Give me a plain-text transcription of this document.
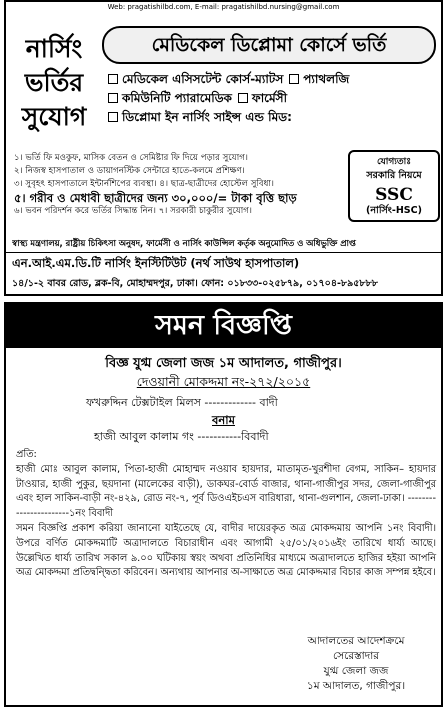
Web: pragatishilbd.com, E-mail: pragatishilbd.nursing@gmail.com
নার্সিং
ভর্তির
সুযোগ
মেডিকেল ডিপ্লোমা কোর্সে ভর্তি
মেডিকেল এসিসটেন্ট কোর্স-ম্যাটস প্যাথলজি
কমিউনিটি প্যারামেডিক ফার্মেসী
ডিপ্লোমা ইন নার্সিং সাইন্স এন্ড মিড:
১। ভর্তি ফি মওকুফ, মাসিক বেতন ও সেমিষ্টার ফি দিয়ে পড়ার সুযোগ।
২। নিজস্ব হাসপাতাল ও ডায়াগনস্টিক সেন্টারে হাতে-কলমে প্রশিক্ষণ।
৩। সুবৃহৎ হাসপাতালে ইন্টার্নশিপের ব্যবস্থা। ৪। ছাত্র-ছাত্রীদের হোস্টেল সুবিধা।
৫। গরীব ও মেধাবী ছাত্রীদের জন্য ৩০,০০০/= টাকা বৃত্তি ছাড়
৬। ভবন পরিদর্শন করে ভর্তির সিদ্ধান্ত নিন। ৭। সরকারী চাকুরীর সুযোগ।
যোগ্যতাঃ
সরকারি নিয়মে
SSC
(নার্সিং-HSC)
স্বাস্থ্য মন্ত্রণালয়, রাষ্ট্রীয় চিকিৎসা অনুষদ, ফার্মেসী ও নার্সিং কাউন্সিল কর্তৃক অনুমোদিত ও অধিভুক্তি প্রাপ্ত
এন.আই.এম.ডি.টি নার্সিং ইনস্টিটিউট (নর্থ সাউথ হাসপাতাল)
১৪/১-২ বাবর রোড, ব্লক-বি, মোহাম্মদপুর, ঢাকা। ফোন: ০১৮৩৩-০২৫৮৭৯, ০১৭০৪-৮৯৫৮৮৮
সমন বিজ্ঞপ্তি
বিজ্ঞ যুগ্ম জেলা জজ ১ম আদালত, গাজীপুর।
দেওয়ানী মোকদ্দমা নং-২৭২/২০১৫
ফখরুদ্দিন টেক্সটাইল মিলস ------------- বাদী
বনাম
হাজী আবুল কালাম গং -----------বিবাদী
প্রতি:
হাজী মোঃ আবুল কালাম, পিতা-হাজী মোহাম্মদ নওয়াব হায়দার, মাতামৃত-খুরশীদা বেগম, সাকিন– হায়দার টাওয়ার, হাজী পুকুর, ছয়দানা (মালেকের বাড়ী), ডাকঘর-বোর্ড বাজার, থানা-গাজীপুর সদর, জেলা-গাজীপুর এবং হাল সাকিন-বাড়ী নং-৪২৯, রোড নং-৭, পূর্ব ডিওএইচএস বারিধারা, থানা-গুলশান, জেলা-ঢাকা। -----------------------১নং বিবাদী
সমন বিজ্ঞপ্তি প্রকাশ করিয়া জানানো যাইতেছে যে, বাদীর দায়েরকৃত অত্র মোকদ্দমায় আপনি ১নং বিবাদী। উপরে বর্ণিত মোকদ্দমাটি অত্রাদালতে বিচারাধীন এবং আগামী ২৫/০১/২০১৬ইং তারিখে ধার্য্য আছে। উল্লেখিত ধার্য্য তারিখ সকাল ৯.০০ ঘটিকায় স্বয়ং অথবা প্রতিনিধির মাধ্যমে অত্রাদালতে হাজির হইয়া আপনি অত্র মোকদ্দমা প্রতিদ্বন্দ্বিতা করিবেন। অন্যথায় আপনার অ-সাক্ষাতে অত্র মোকদ্দমার বিচার কাজ সম্পন্ন হইবে।
আদালতের আদেশক্রমে
সেরেস্তাদার
যুগ্ম জেলা জজ
১ম আদালত, গাজীপুর।
